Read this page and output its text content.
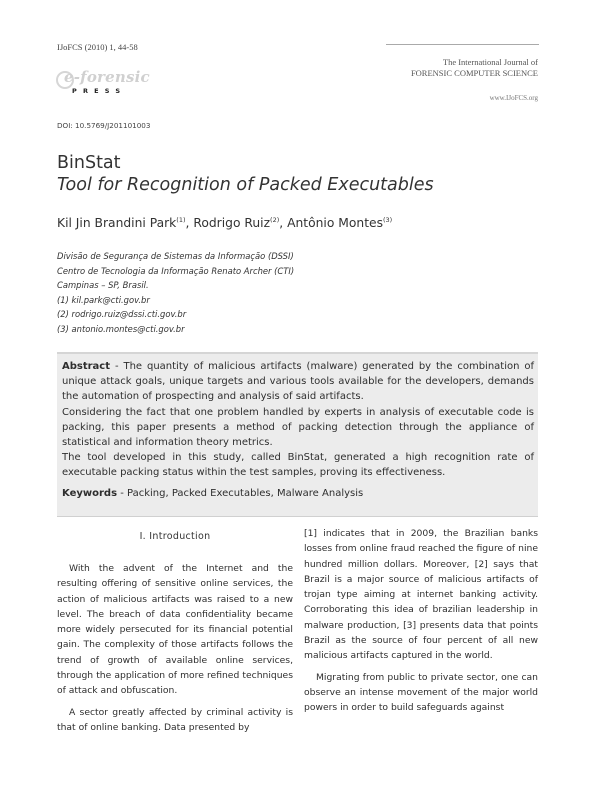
IJoFCS (2010) 1, 44-58
e-forensic
PRESS
The International Journal of
FORENSIC COMPUTER SCIENCE
www.IJoFCS.org
DOI: 10.5769/J201101003
BinStat
Tool for Recognition of Packed Executables
Kil Jin Brandini Park$^{(1)}$, Rodrigo Ruiz$^{(2)}$, Antônio Montes$^{(3)}$
Divisão de Segurança de Sistemas da Informação (DSSI)
Centro de Tecnologia da Informação Renato Archer (CTI)
Campinas – SP, Brasil.
(1) kil.park@cti.gov.br
(2) rodrigo.ruiz@dssi.cti.gov.br
(3) antonio.montes@cti.gov.br

Abstract - The quantity of malicious artifacts (malware) generated by the combination of unique attack goals, unique targets and various tools available for the developers, demands the automation of prospecting and analysis of said artifacts.

Considering the fact that one problem handled by experts in analysis of executable code is packing, this paper presents a method of packing detection through the appliance of statistical and information theory metrics.

The tool developed in this study, called BinStat, generated a high recognition rate of executable packing status within the test samples, proving its effectiveness.

Keywords - Packing, Packed Executables, Malware Analysis
I. Introduction

With the advent of the Internet and the resulting offering of sensitive online services, the action of malicious artifacts was raised to a new level. The breach of data confidentiality became more widely persecuted for its financial potential gain. The complexity of those artifacts follows the trend of growth of available online services, through the application of more refined techniques of attack and obfuscation.

A sector greatly affected by criminal activity is that of online banking. Data presented by

[1] indicates that in 2009, the Brazilian banks losses from online fraud reached the figure of nine hundred million dollars. Moreover, [2] says that Brazil is a major source of malicious artifacts of trojan type aiming at internet banking activity. Corroborating this idea of brazilian leadership in malware production, [3] presents data that points Brazil as the source of four percent of all new malicious artifacts captured in the world.

Migrating from public to private sector, one can observe an intense movement of the major world powers in order to build safeguards against
